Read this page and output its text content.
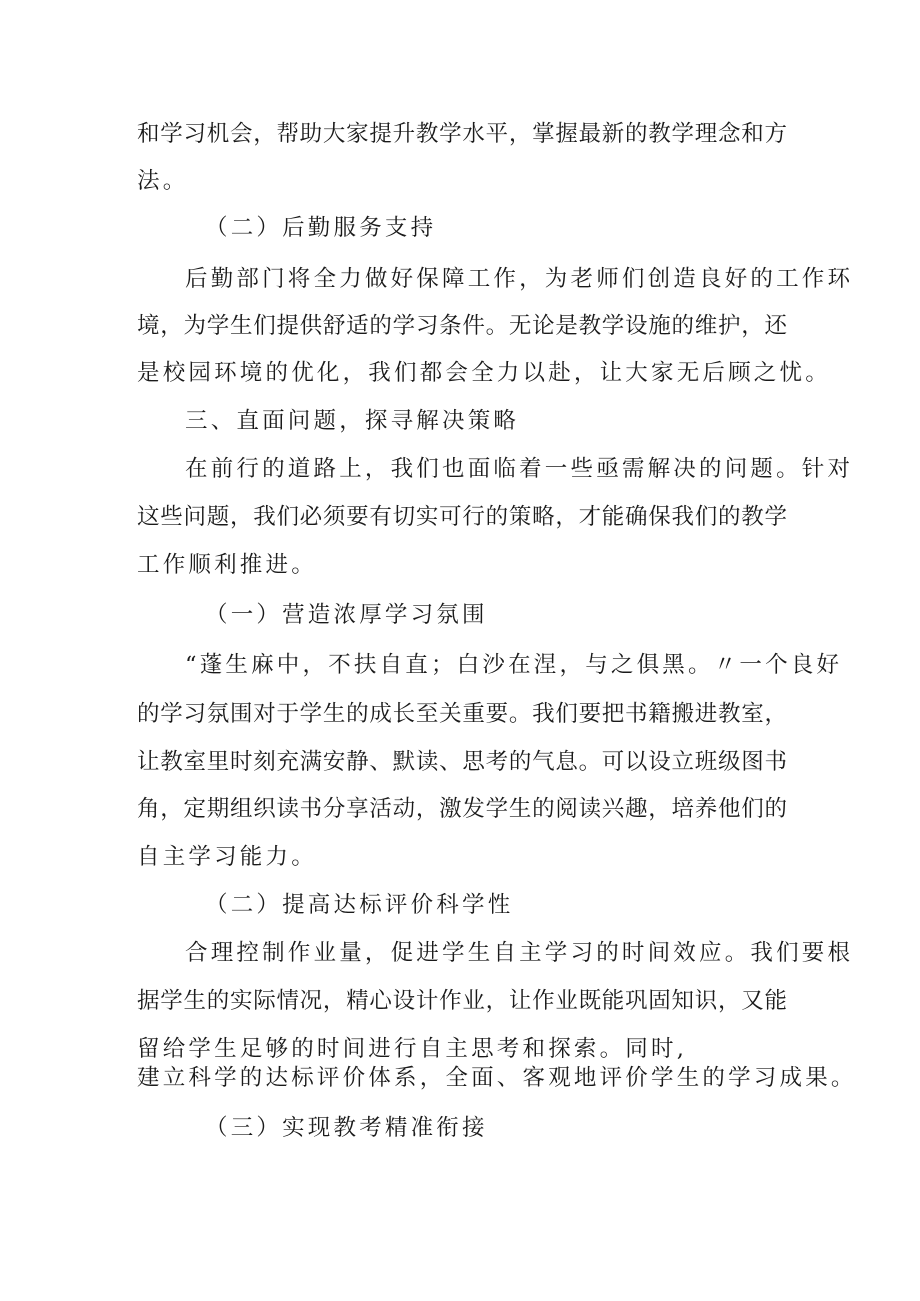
和学习机会，帮助大家提升教学水平，掌握最新的教学理念和方
法。
（二）后勤服务支持
后勤部门将全力做好保障工作，为老师们创造良好的工作环
境，为学生们提供舒适的学习条件。无论是教学设施的维护，还
是校园环境的优化，我们都会全力以赴，让大家无后顾之忧。
三、直面问题，探寻解决策略
在前行的道路上，我们也面临着一些亟需解决的问题。针对
这些问题，我们必须要有切实可行的策略，才能确保我们的教学
工作顺利推进。
（一）营造浓厚学习氛围
“蓬生麻中，不扶自直；白沙在涅，与之俱黑。〃一个良好
的学习氛围对于学生的成长至关重要。我们要把书籍搬进教室，
让教室里时刻充满安静、默读、思考的气息。可以设立班级图书
角，定期组织读书分享活动，激发学生的阅读兴趣，培养他们的
自主学习能力。
（二）提高达标评价科学性
合理控制作业量，促进学生自主学习的时间效应。我们要根
据学生的实际情况，精心设计作业，让作业既能巩固知识，又能
留给学生足够的时间进行自主思考和探索。同时,
建立科学的达标评价体系，全面、客观地评价学生的学习成果。
（三）实现教考精准衔接
